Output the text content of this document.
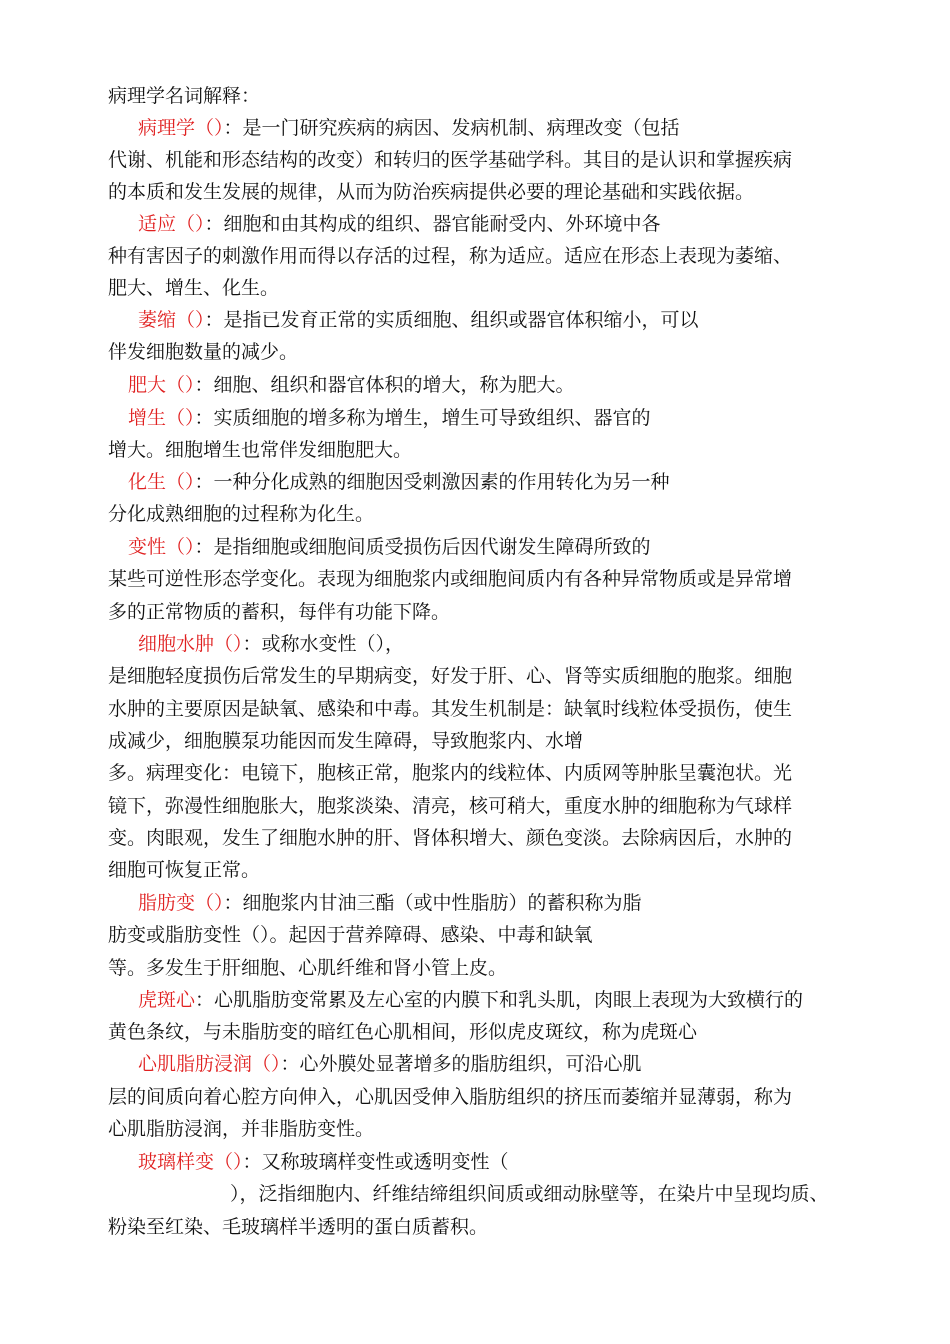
病理学名词解释：
病理学（）：是一门研究疾病的病因、发病机制、病理改变（包括
代谢、机能和形态结构的改变）和转归的医学基础学科。其目的是认识和掌握疾病
的本质和发生发展的规律，从而为防治疾病提供必要的理论基础和实践依据。
适应（）：细胞和由其构成的组织、器官能耐受内、外环境中各
种有害因子的刺激作用而得以存活的过程，称为适应。适应在形态上表现为萎缩、
肥大、增生、化生。
萎缩（）：是指已发育正常的实质细胞、组织或器官体积缩小，可以
伴发细胞数量的减少。
肥大（）：细胞、组织和器官体积的增大，称为肥大。
增生（）：实质细胞的增多称为增生，增生可导致组织、器官的
增大。细胞增生也常伴发细胞肥大。
化生（）：一种分化成熟的细胞因受刺激因素的作用转化为另一种
分化成熟细胞的过程称为化生。
变性（）：是指细胞或细胞间质受损伤后因代谢发生障碍所致的
某些可逆性形态学变化。表现为细胞浆内或细胞间质内有各种异常物质或是异常增
多的正常物质的蓄积，每伴有功能下降。
细胞水肿（）：或称水变性（），
是细胞轻度损伤后常发生的早期病变，好发于肝、心、肾等实质细胞的胞浆。细胞
水肿的主要原因是缺氧、感染和中毒。其发生机制是：缺氧时线粒体受损伤，使生
成减少，细胞膜泵功能因而发生障碍，导致胞浆内、水增
多。病理变化：电镜下，胞核正常，胞浆内的线粒体、内质网等肿胀呈囊泡状。光
镜下，弥漫性细胞胀大，胞浆淡染、清亮，核可稍大，重度水肿的细胞称为气球样
变。肉眼观，发生了细胞水肿的肝、肾体积增大、颜色变淡。去除病因后，水肿的
细胞可恢复正常。
脂肪变（）：细胞浆内甘油三酯（或中性脂肪）的蓄积称为脂
肪变或脂肪变性（）。起因于营养障碍、感染、中毒和缺氧
等。多发生于肝细胞、心肌纤维和肾小管上皮。
虎斑心：心肌脂肪变常累及左心室的内膜下和乳头肌，肉眼上表现为大致横行的
黄色条纹，与未脂肪变的暗红色心肌相间，形似虎皮斑纹，称为虎斑心
心肌脂肪浸润（）：心外膜处显著增多的脂肪组织，可沿心肌
层的间质向着心腔方向伸入，心肌因受伸入脂肪组织的挤压而萎缩并显薄弱，称为
心肌脂肪浸润，并非脂肪变性。
玻璃样变（）：又称玻璃样变性或透明变性（
），泛指细胞内、纤维结缔组织间质或细动脉壁等，在染片中呈现均质、
粉染至红染、毛玻璃样半透明的蛋白质蓄积。
